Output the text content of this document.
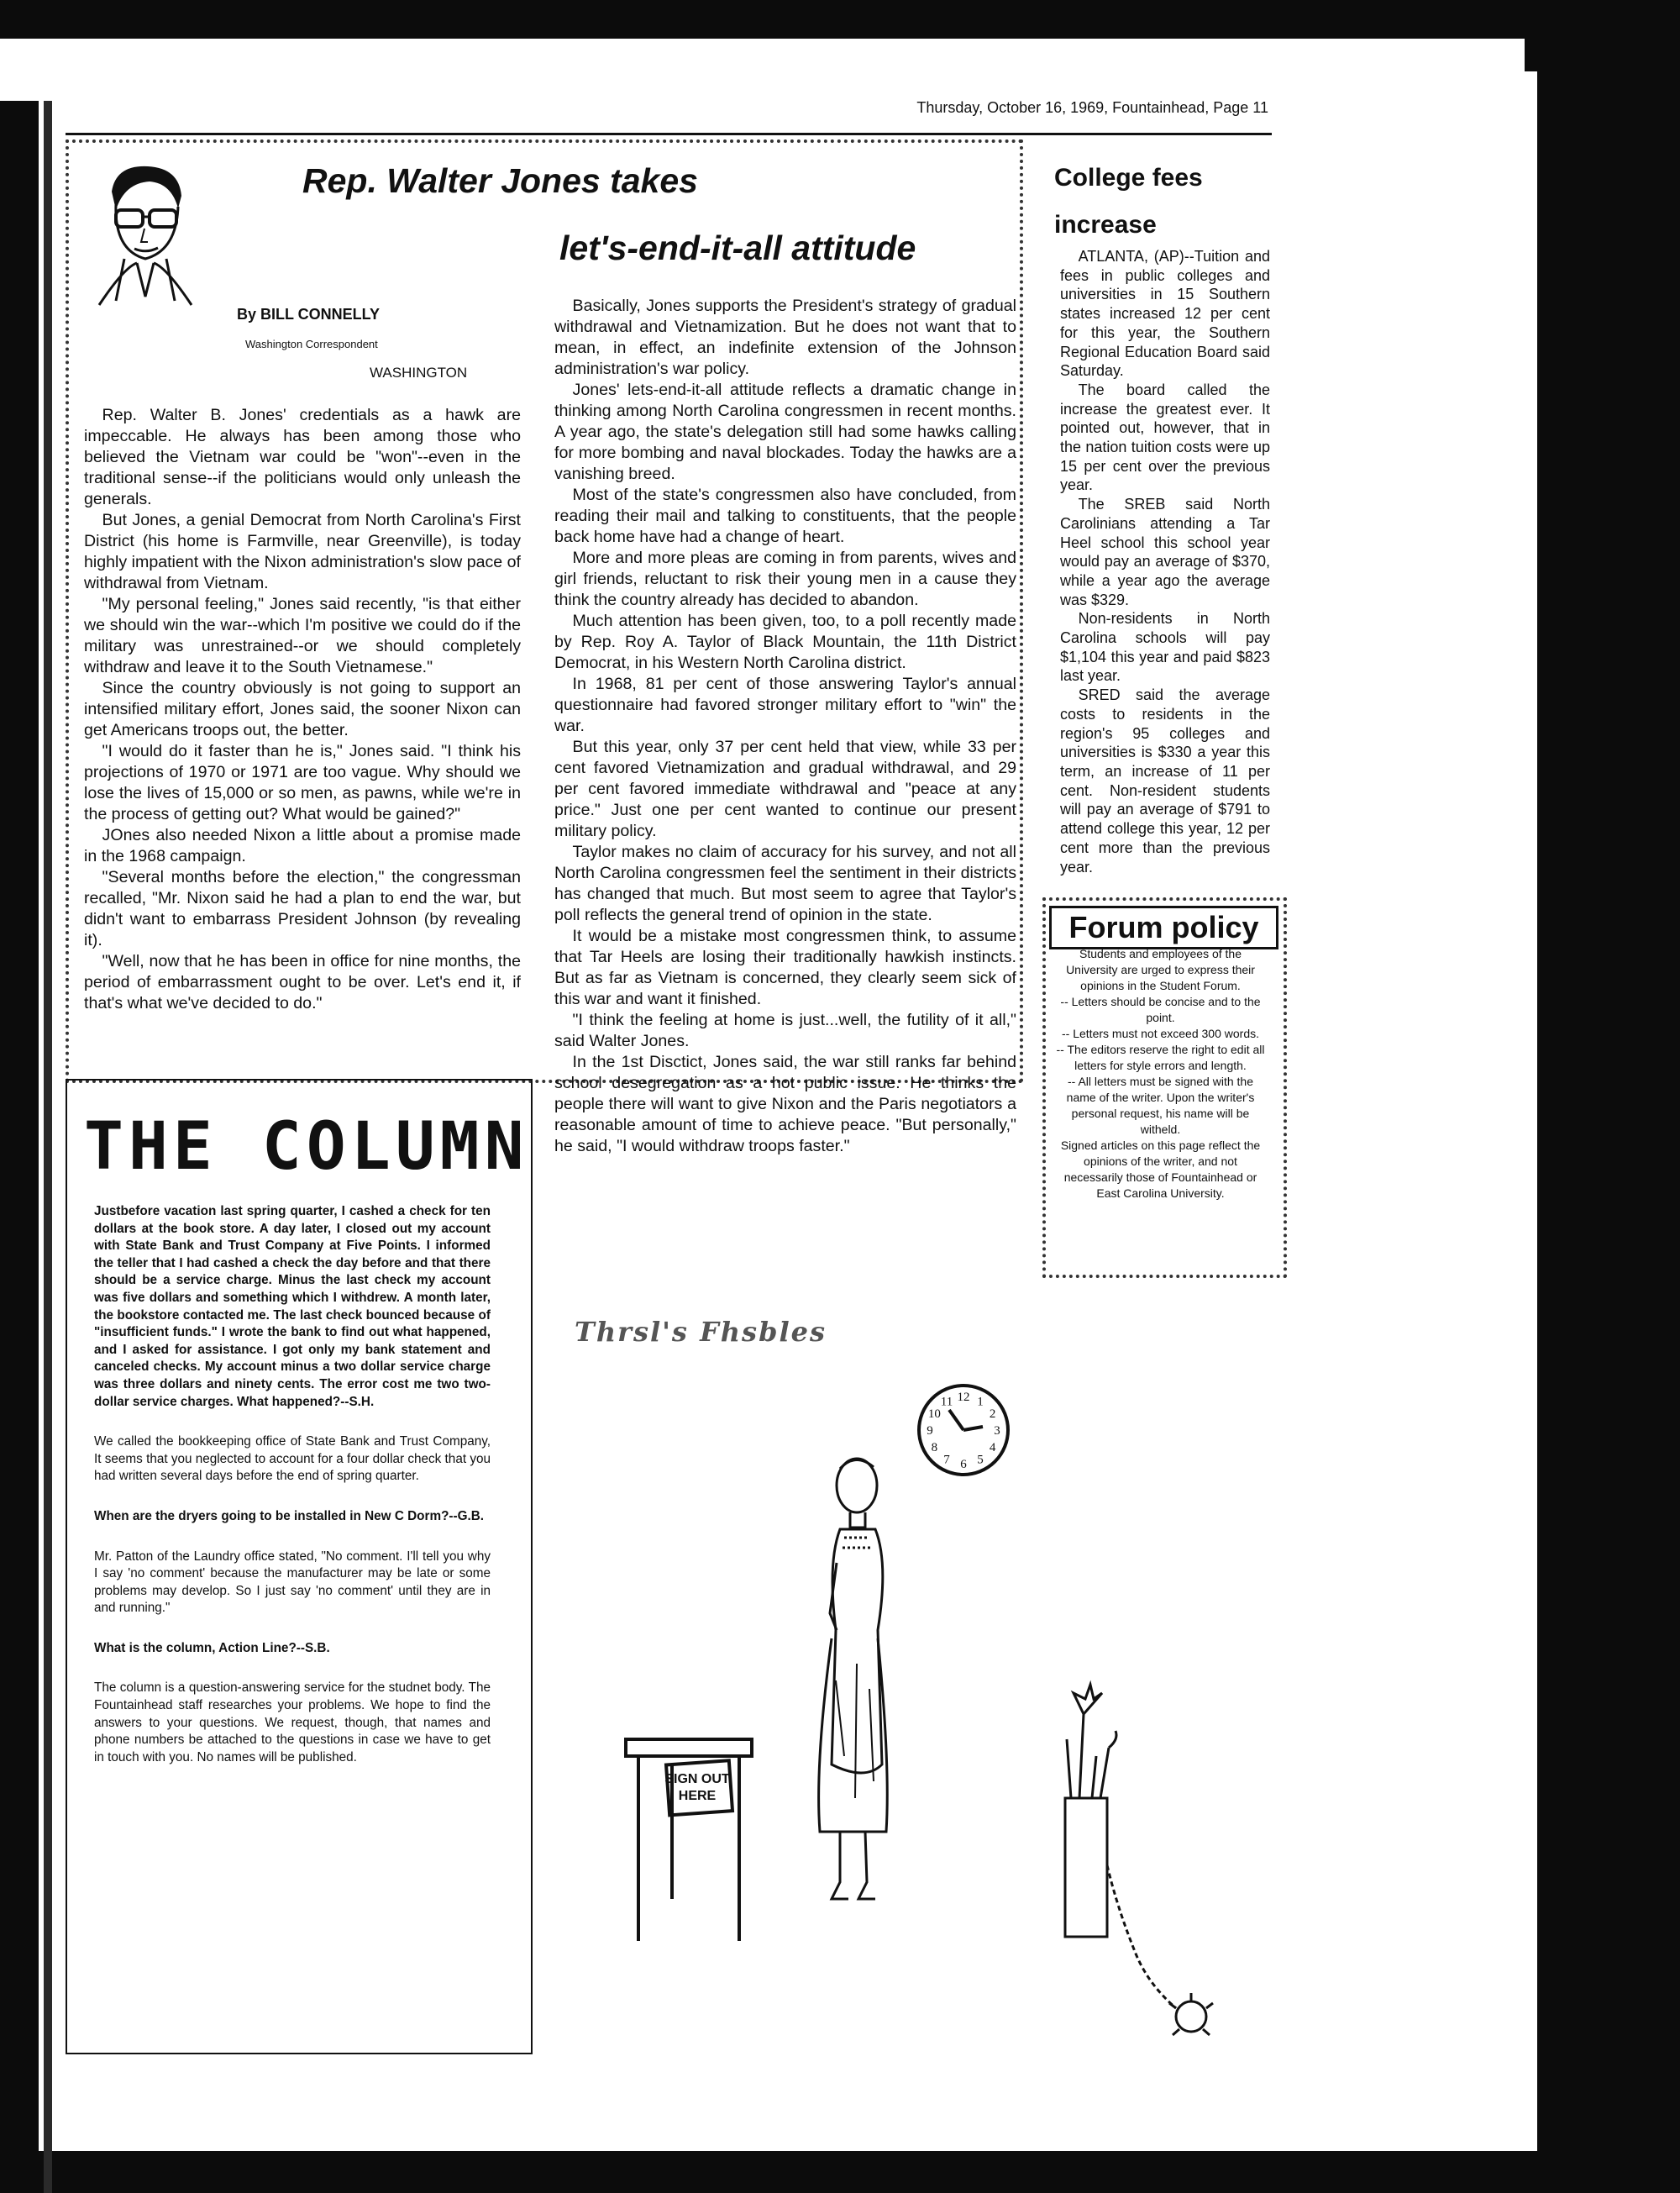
Thursday, October 16, 1969, Fountainhead, Page 11
Rep. Walter Jones takes
let's-end-it-all attitude
By BILL CONNELLY
Washington Correspondent
WASHINGTON

Rep. Walter B. Jones' credentials as a hawk are impeccable. He always has been among those who believed the Vietnam war could be "won"--even in the traditional sense--if the politicians would only unleash the generals.

But Jones, a genial Democrat from North Carolina's First District (his home is Farmville, near Greenville), is today highly impatient with the Nixon administration's slow pace of withdrawal from Vietnam.

"My personal feeling," Jones said recently, "is that either we should win the war--which I'm positive we could do if the military was unrestrained--or we should completely withdraw and leave it to the South Vietnamese."

Since the country obviously is not going to support an intensified military effort, Jones said, the sooner Nixon can get Americans troops out, the better.

"I would do it faster than he is," Jones said. "I think his projections of 1970 or 1971 are too vague. Why should we lose the lives of 15,000 or so men, as pawns, while we're in the process of getting out? What would be gained?"

JOnes also needed Nixon a little about a promise made in the 1968 campaign.

"Several months before the election," the congressman recalled, "Mr. Nixon said he had a plan to end the war, but didn't want to embarrass President Johnson (by revealing it).

"Well, now that he has been in office for nine months, the period of embarrassment ought to be over. Let's end it, if that's what we've decided to do."

Basically, Jones supports the President's strategy of gradual withdrawal and Vietnamization. But he does not want that to mean, in effect, an indefinite extension of the Johnson administration's war policy.

Jones' lets-end-it-all attitude reflects a dramatic change in thinking among North Carolina congressmen in recent months. A year ago, the state's delegation still had some hawks calling for more bombing and naval blockades. Today the hawks are a vanishing breed.

Most of the state's congressmen also have concluded, from reading their mail and talking to constituents, that the people back home have had a change of heart.

More and more pleas are coming in from parents, wives and girl friends, reluctant to risk their young men in a cause they think the country already has decided to abandon.

Much attention has been given, too, to a poll recently made by Rep. Roy A. Taylor of Black Mountain, the 11th District Democrat, in his Western North Carolina district.

In 1968, 81 per cent of those answering Taylor's annual questionnaire had favored stronger military effort to "win" the war.

But this year, only 37 per cent held that view, while 33 per cent favored Vietnamization and gradual withdrawal, and 29 per cent favored immediate withdrawal and "peace at any price." Just one per cent wanted to continue our present military policy.

Taylor makes no claim of accuracy for his survey, and not all North Carolina congressmen feel the sentiment in their districts has changed that much. But most seem to agree that Taylor's poll reflects the general trend of opinion in the state.

It would be a mistake most congressmen think, to assume that Tar Heels are losing their traditionally hawkish instincts. But as far as Vietnam is concerned, they clearly seem sick of this war and want it finished.

"I think the feeling at home is just...well, the futility of it all," said Walter Jones.

In the 1st Disctict, Jones said, the war still ranks far behind school desegregation as a hot public issue. He thinks the people there will want to give Nixon and the Paris negotiators a reasonable amount of time to achieve peace. "But personally," he said, "I would withdraw troops faster."

College fees
increase

ATLANTA, (AP)--Tuition and fees in public colleges and universities in 15 Southern states increased 12 per cent for this year, the Southern Regional Education Board said Saturday.

The board called the increase the greatest ever. It pointed out, however, that in the nation tuition costs were up 15 per cent over the previous year.

The SREB said North Carolinians attending a Tar Heel school this school year would pay an average of $370, while a year ago the average was $329.

Non-residents in North Carolina schools will pay $1,104 this year and paid $823 last year.

SRED said the average costs to residents in the region's 95 colleges and universities is $330 a year this term, an increase of 11 per cent. Non-resident students will pay an average of $791 to attend college this year, 12 per cent more than the previous year.

Forum policy

Students and employees of the University are urged to express their opinions in the Student Forum.

-- Letters should be concise and to the point.

-- Letters must not exceed 300 words.

-- The editors reserve the right to edit all letters for style errors and length.

-- All letters must be signed with the name of the writer. Upon the writer's personal request, his name will be witheld.

Signed articles on this page reflect the opinions of the writer, and not necessarily those of Fountainhead or East Carolina University.

THE COLUMN

Justbefore vacation last spring quarter, I cashed a check for ten dollars at the book store. A day later, I closed out my account with State Bank and Trust Company at Five Points. I informed the teller that I had cashed a check the day before and that there should be a service charge. Minus the last check my account was five dollars and something which I withdrew. A month later, the bookstore contacted me. The last check bounced because of "insufficient funds." I wrote the bank to find out what happened, and I asked for assistance. I got only my bank statement and canceled checks. My account minus a two dollar service charge was three dollars and ninety cents. The error cost me two two-dollar service charges. What happened?--S.H.

We called the bookkeeping office of State Bank and Trust Company, It seems that you neglected to account for a four dollar check that you had written several days before the end of spring quarter.

When are the dryers going to be installed in New C Dorm?--G.B.

Mr. Patton of the Laundry office stated, "No comment. I'll tell you why I say 'no comment' because the manufacturer may be late or some problems may develop. So I just say 'no comment' until they are in and running."

What is the column, Action Line?--S.B.

The column is a question-answering service for the studnet body. The Fountainhead staff researches your problems. We hope to find the answers to your questions. We request, though, that names and phone numbers be attached to the questions in case we have to get in touch with you. No names will be published.

Thrsl's Fhsbles
12 12 3 4 567891011
SIGN OUT
HERE
